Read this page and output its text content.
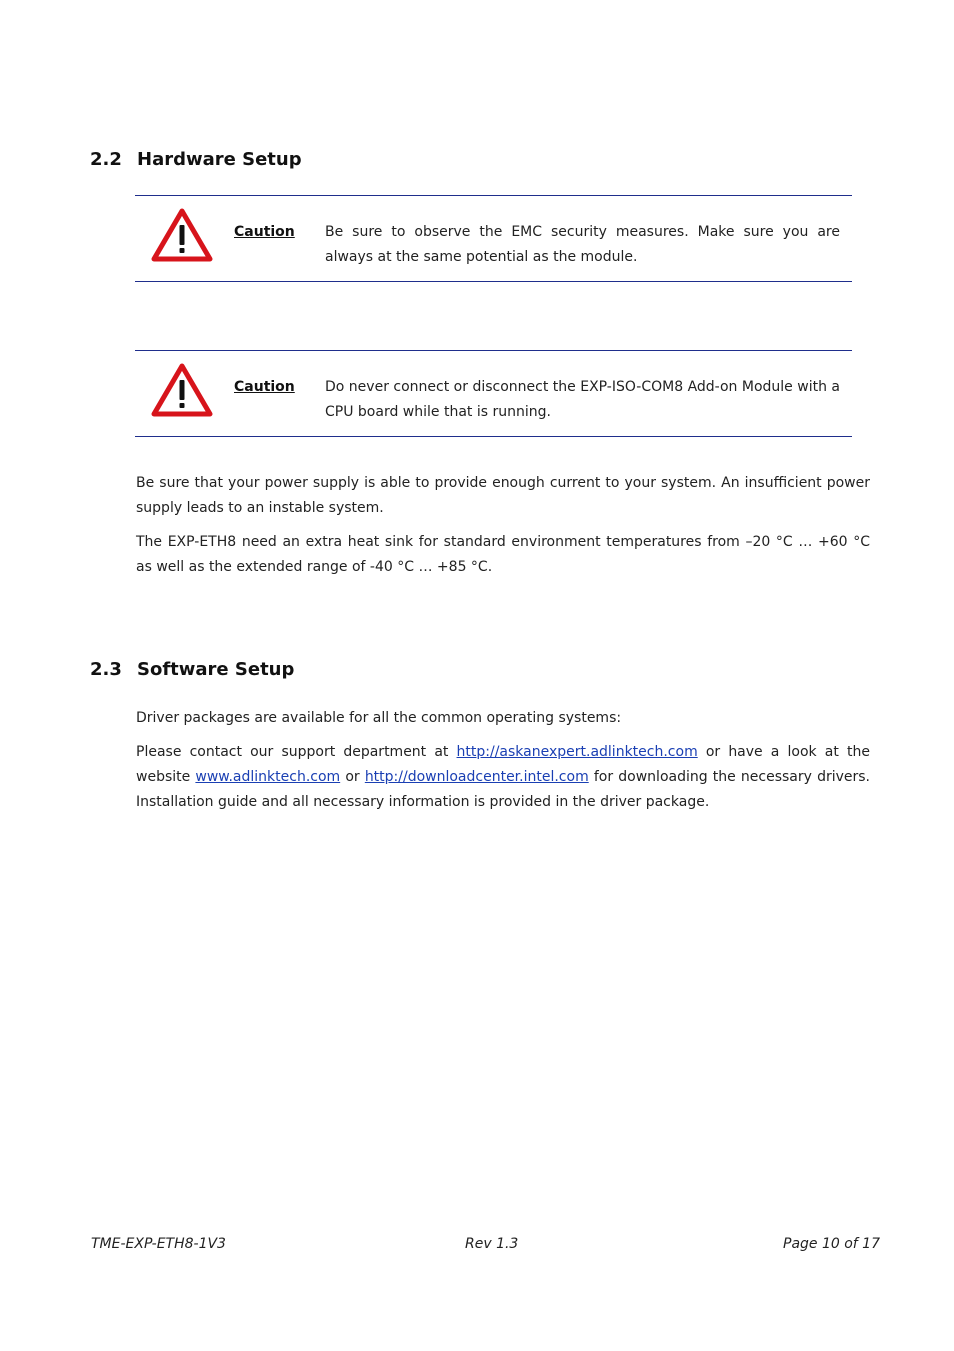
2.2 Hardware Setup
Caution Be sure to observe the EMC security measures. Make sure you are always at the same potential as the module.
Caution Do never connect or disconnect the EXP-ISO-COM8 Add-on Module with a CPU board while that is running.

Be sure that your power supply is able to provide enough current to your system. An insufficient power supply leads to an instable system.

The EXP-ETH8 need an extra heat sink for standard environment temperatures from –20 °C … +60 °C as well as the extended range of -40 °C … +85 °C.

2.3 Software Setup

Driver packages are available for all the common operating systems:

Please contact our support department at http://askanexpert.adlinktech.com or have a look at the website www.adlinktech.com or http://downloadcenter.intel.com for downloading the necessary drivers. Installation guide and all necessary information is provided in the driver package.

TME-EXP-ETH8-1V3	Rev 1.3	Page 10 of 17
